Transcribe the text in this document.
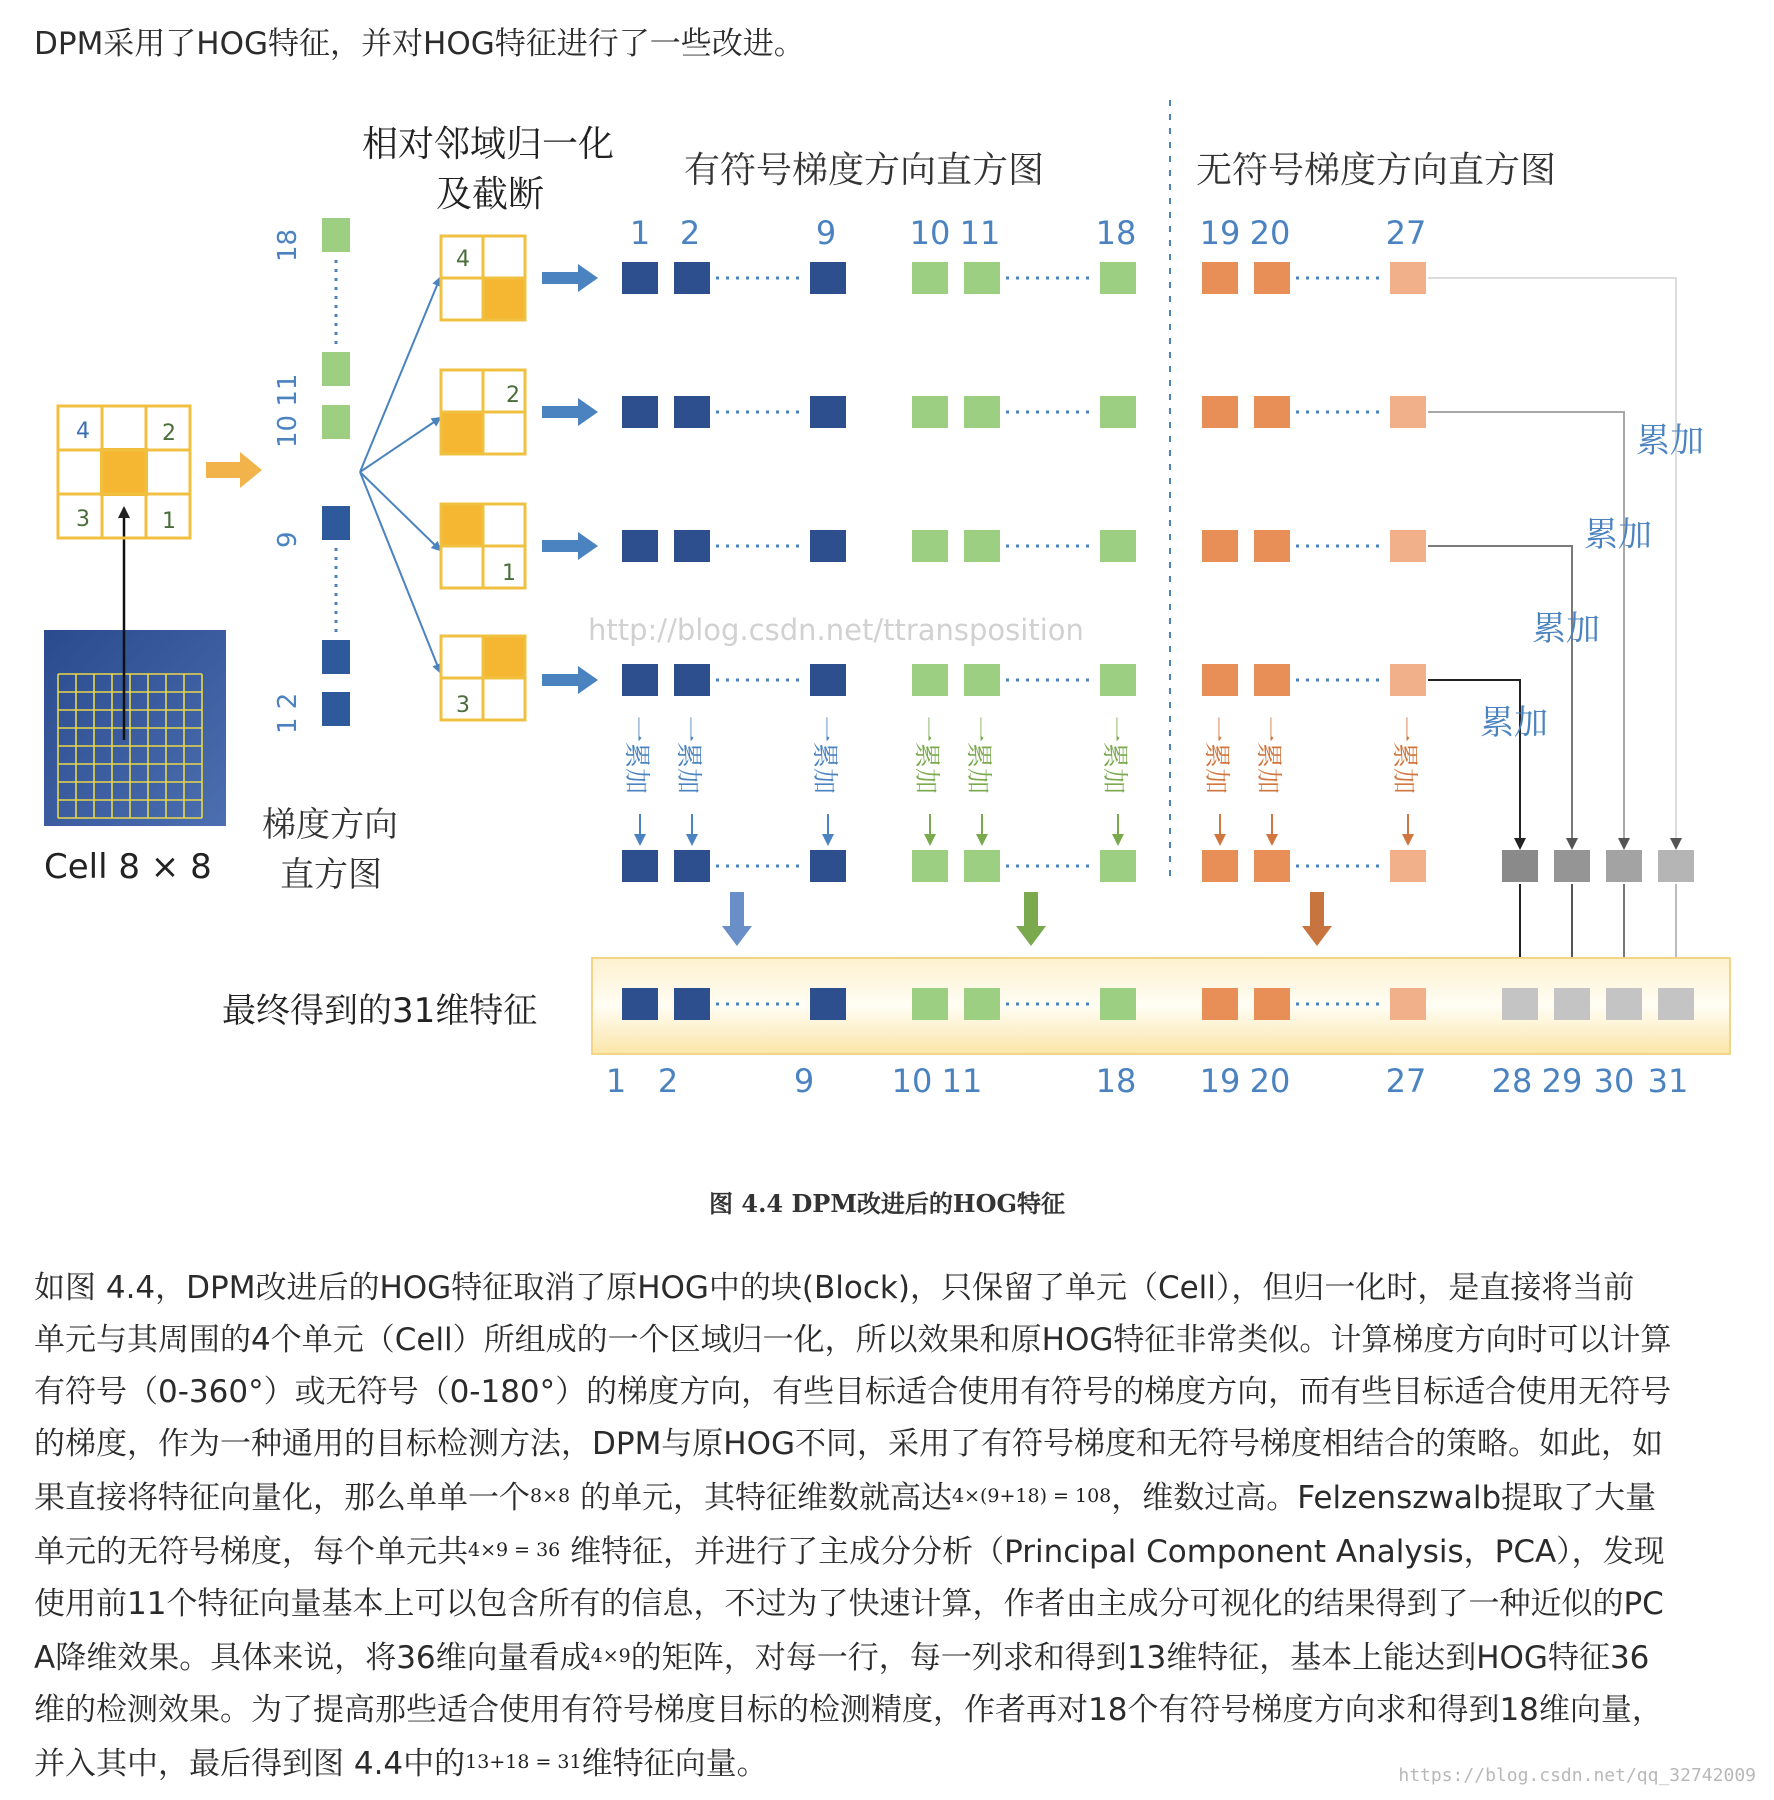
DPM采用了HOG特征，并对HOG特征进行了一些改进。
Cell 8 × 8
4	2
3	1
18
10 11
9
1 2
梯度方向
直方图
相对邻域归一化
及截断
4
2
1
3
有符号梯度方向直方图	无符号梯度方向直方图
1 2	9 10 11	18 19 20	27
一累加 一累加	一累加	一累加 一累加	一累加	一累加 一累加	一累加
累加
累加
累加
累加
最终得到的31维特征
1 2	9 10 11	18 19 20	27 28 29 30 31
http://blog.csdn.net/ttransposition
图 4.4 DPM改进后的HOG特征

如图 4.4，DPM改进后的HOG特征取消了原HOG中的块(Block)，只保留了单元（Cell），但归一化时，是直接将当前

单元与其周围的4个单元（Cell）所组成的一个区域归一化，所以效果和原HOG特征非常类似。计算梯度方向时可以计算

有符号（0-360°）或无符号（0-180°）的梯度方向，有些目标适合使用有符号的梯度方向，而有些目标适合使用无符号

的梯度，作为一种通用的目标检测方法，DPM与原HOG不同，采用了有符号梯度和无符号梯度相结合的策略。如此，如

果直接将特征向量化，那么单单一个8×8 的单元，其特征维数就高达4×(9+18) = 108，维数过高。Felzenszwalb提取了大量

单元的无符号梯度，每个单元共4×9 = 36 维特征，并进行了主成分分析（Principal Component Analysis，PCA），发现

使用前11个特征向量基本上可以包含所有的信息，不过为了快速计算，作者由主成分可视化的结果得到了一种近似的PC

A降维效果。具体来说，将36维向量看成4×9的矩阵，对每一行，每一列求和得到13维特征，基本上能达到HOG特征36

维的检测效果。为了提高那些适合使用有符号梯度目标的检测精度，作者再对18个有符号梯度方向求和得到18维向量，

并入其中，最后得到图 4.4中的13+18 = 31维特征向量。	https://blog.csdn.net/qq_32742009
